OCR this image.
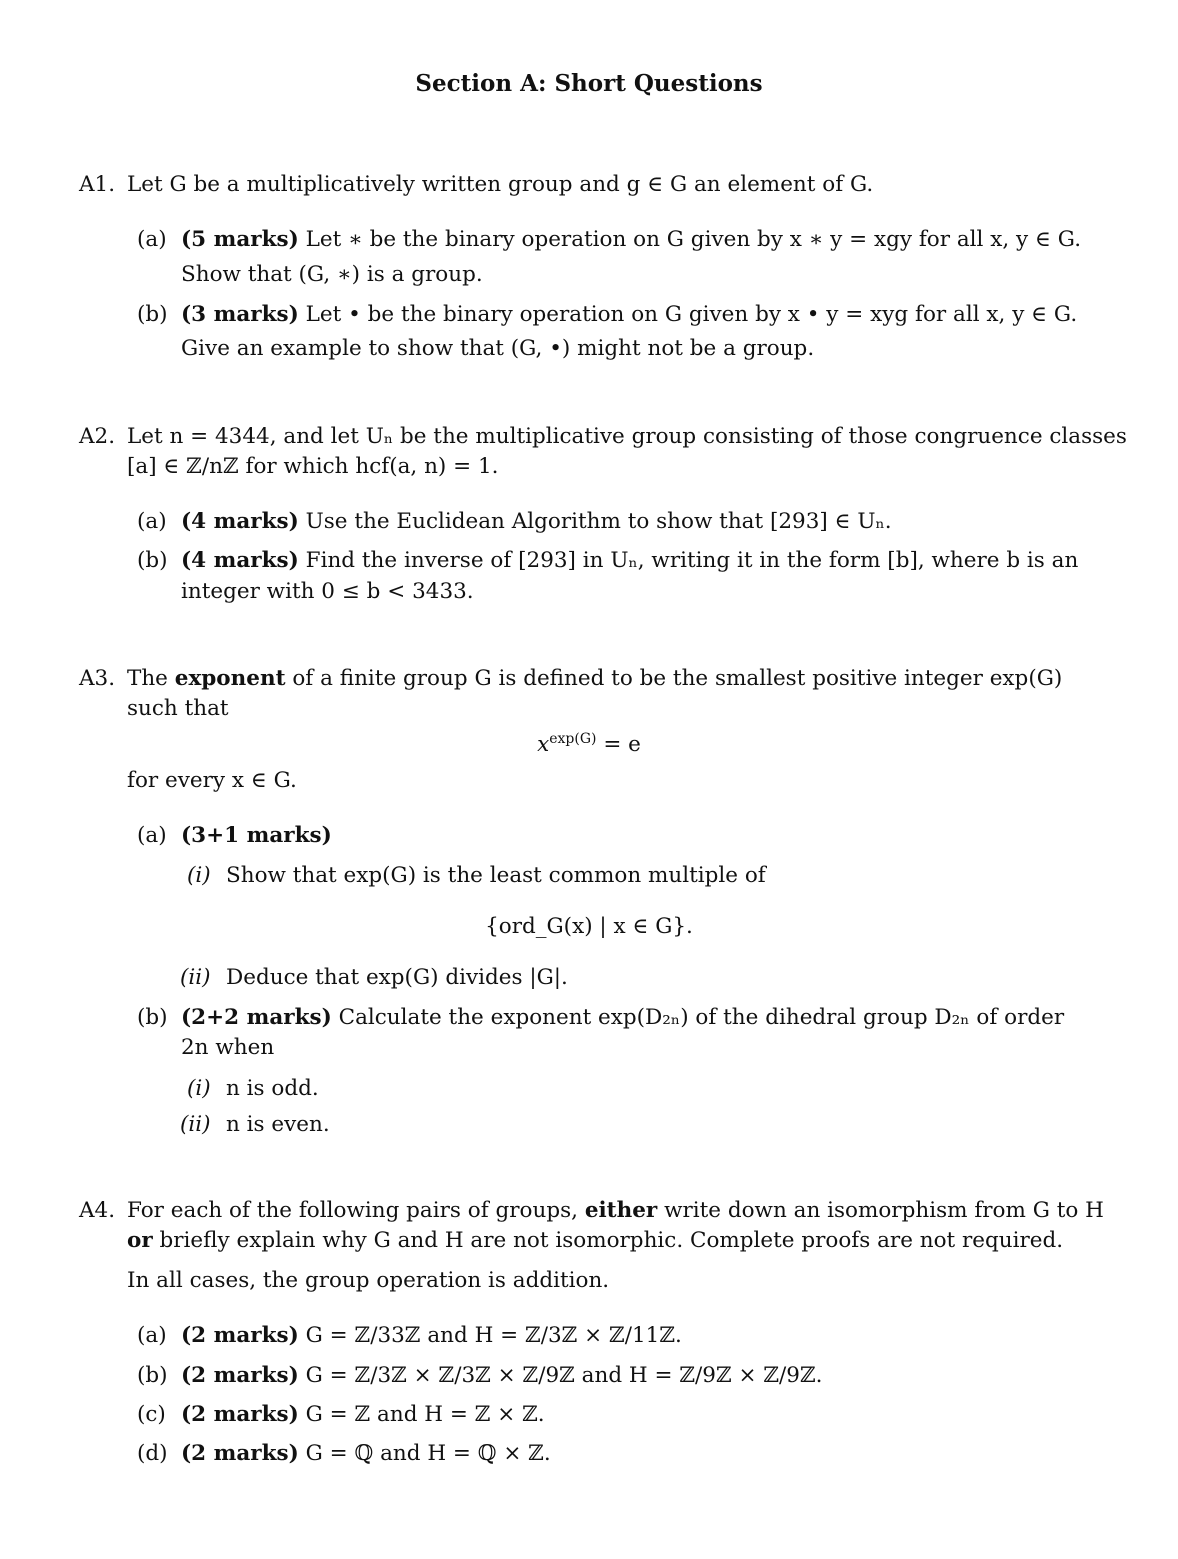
Section A: Short Questions
A1. Let G be a multiplicatively written group and g ∈ G an element of G.
(a) (5 marks) Let ∗ be the binary operation on G given by x ∗ y = xgy for all x, y ∈ G.
Show that (G, ∗) is a group.
(b) (3 marks) Let • be the binary operation on G given by x • y = xyg for all x, y ∈ G.
Give an example to show that (G, •) might not be a group.
A2. Let n = 4344, and let Uₙ be the multiplicative group consisting of those congruence classes
[a] ∈ ℤ/nℤ for which hcf(a, n) = 1.
(a) (4 marks) Use the Euclidean Algorithm to show that [293] ∈ Uₙ.
(b) (4 marks) Find the inverse of [293] in Uₙ, writing it in the form [b], where b is an
integer with 0 ≤ b < 3433.
A3. The exponent of a finite group G is defined to be the smallest positive integer exp(G)
such that
$x^{exp(G)} = e$
for every x ∈ G.
(a) (3+1 marks)
(i) Show that exp(G) is the least common multiple of
{ord_G(x) | x ∈ G}.
(ii) Deduce that exp(G) divides |G|.
(b) (2+2 marks) Calculate the exponent exp(D₂ₙ) of the dihedral group D₂ₙ of order
2n when
(i) n is odd.
(ii) n is even.
A4. For each of the following pairs of groups, either write down an isomorphism from G to H
or briefly explain why G and H are not isomorphic. Complete proofs are not required.
In all cases, the group operation is addition.
(a) (2 marks) G = ℤ/33ℤ and H = ℤ/3ℤ × ℤ/11ℤ.
(b) (2 marks) G = ℤ/3ℤ × ℤ/3ℤ × ℤ/9ℤ and H = ℤ/9ℤ × ℤ/9ℤ.
(c) (2 marks) G = ℤ and H = ℤ × ℤ.
(d) (2 marks) G = ℚ and H = ℚ × ℤ.
